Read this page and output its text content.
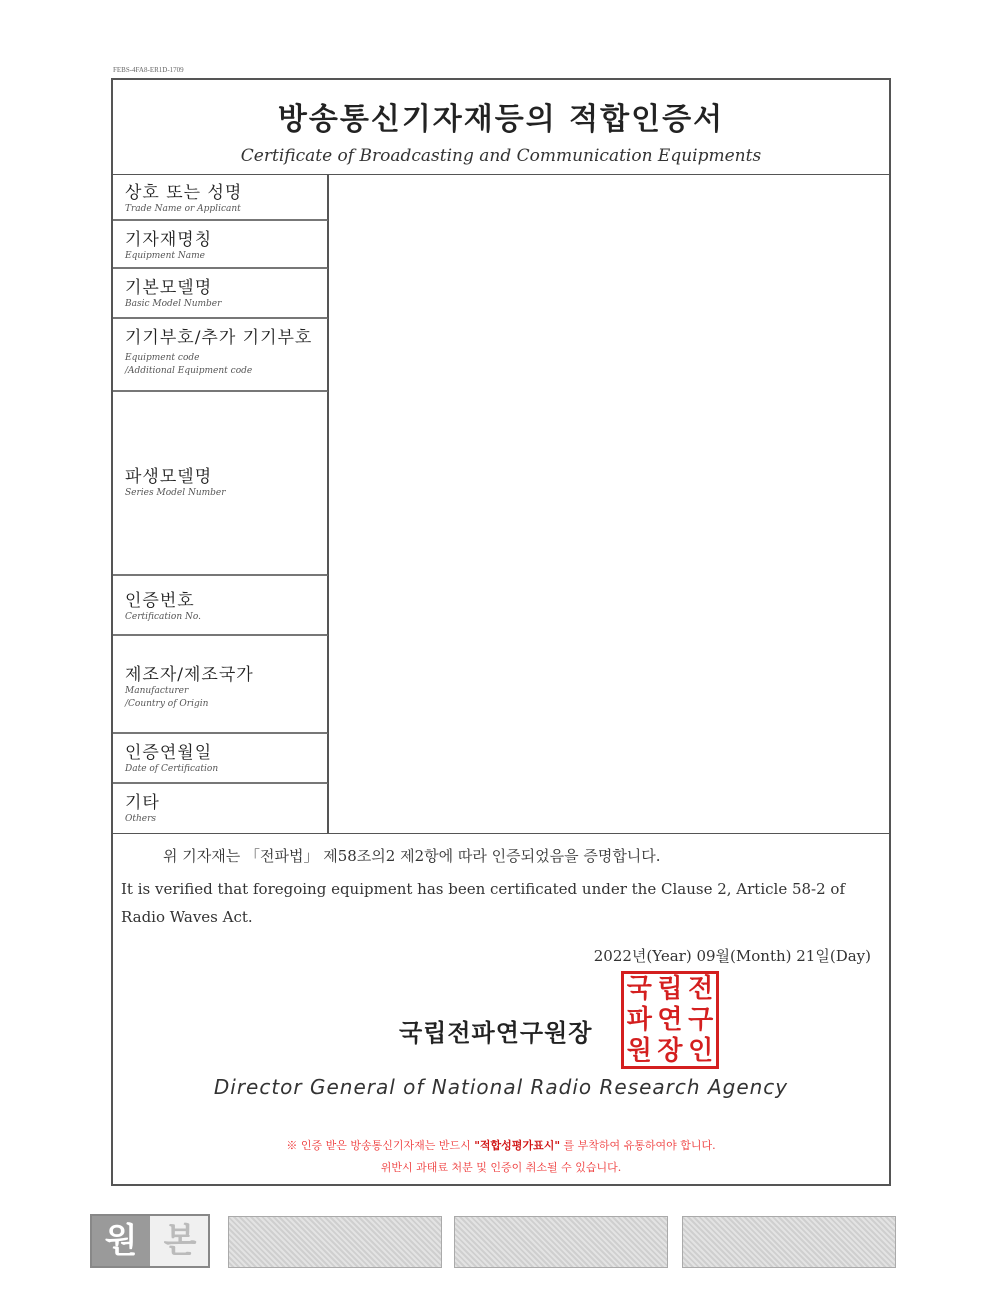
FEBS-4FA8-ER1D-1709
방송통신기자재등의 적합인증서
Certificate of Broadcasting and Communication Equipments
상호 또는 성명
Trade Name or Applicant
기자재명칭
Equipment Name
기본모델명
Basic Model Number
기기부호/추가 기기부호
Equipment code
/Additional Equipment code
파생모델명
Series Model Number
인증번호
Certification No.
제조자/제조국가
Manufacturer
/Country of Origin
인증연월일
Date of Certification
기타
Others
위 기자재는 「전파법」 제58조의2 제2항에 따라 인증되었음을 증명합니다.
It is verified that foregoing equipment has been certificated under the Clause 2, Article 58-2 of Radio Waves Act.
2022년(Year) 09월(Month) 21일(Day)
국립전파연구원장
국 립 전
파 연 구
원 장 인
Director General of National Radio Research Agency
※ 인증 받은 방송통신기자재는 반드시 "적합성평가표시" 를 부착하여 유통하여야 합니다.
위반시 과태료 처분 및 인증이 취소될 수 있습니다.
원 본
